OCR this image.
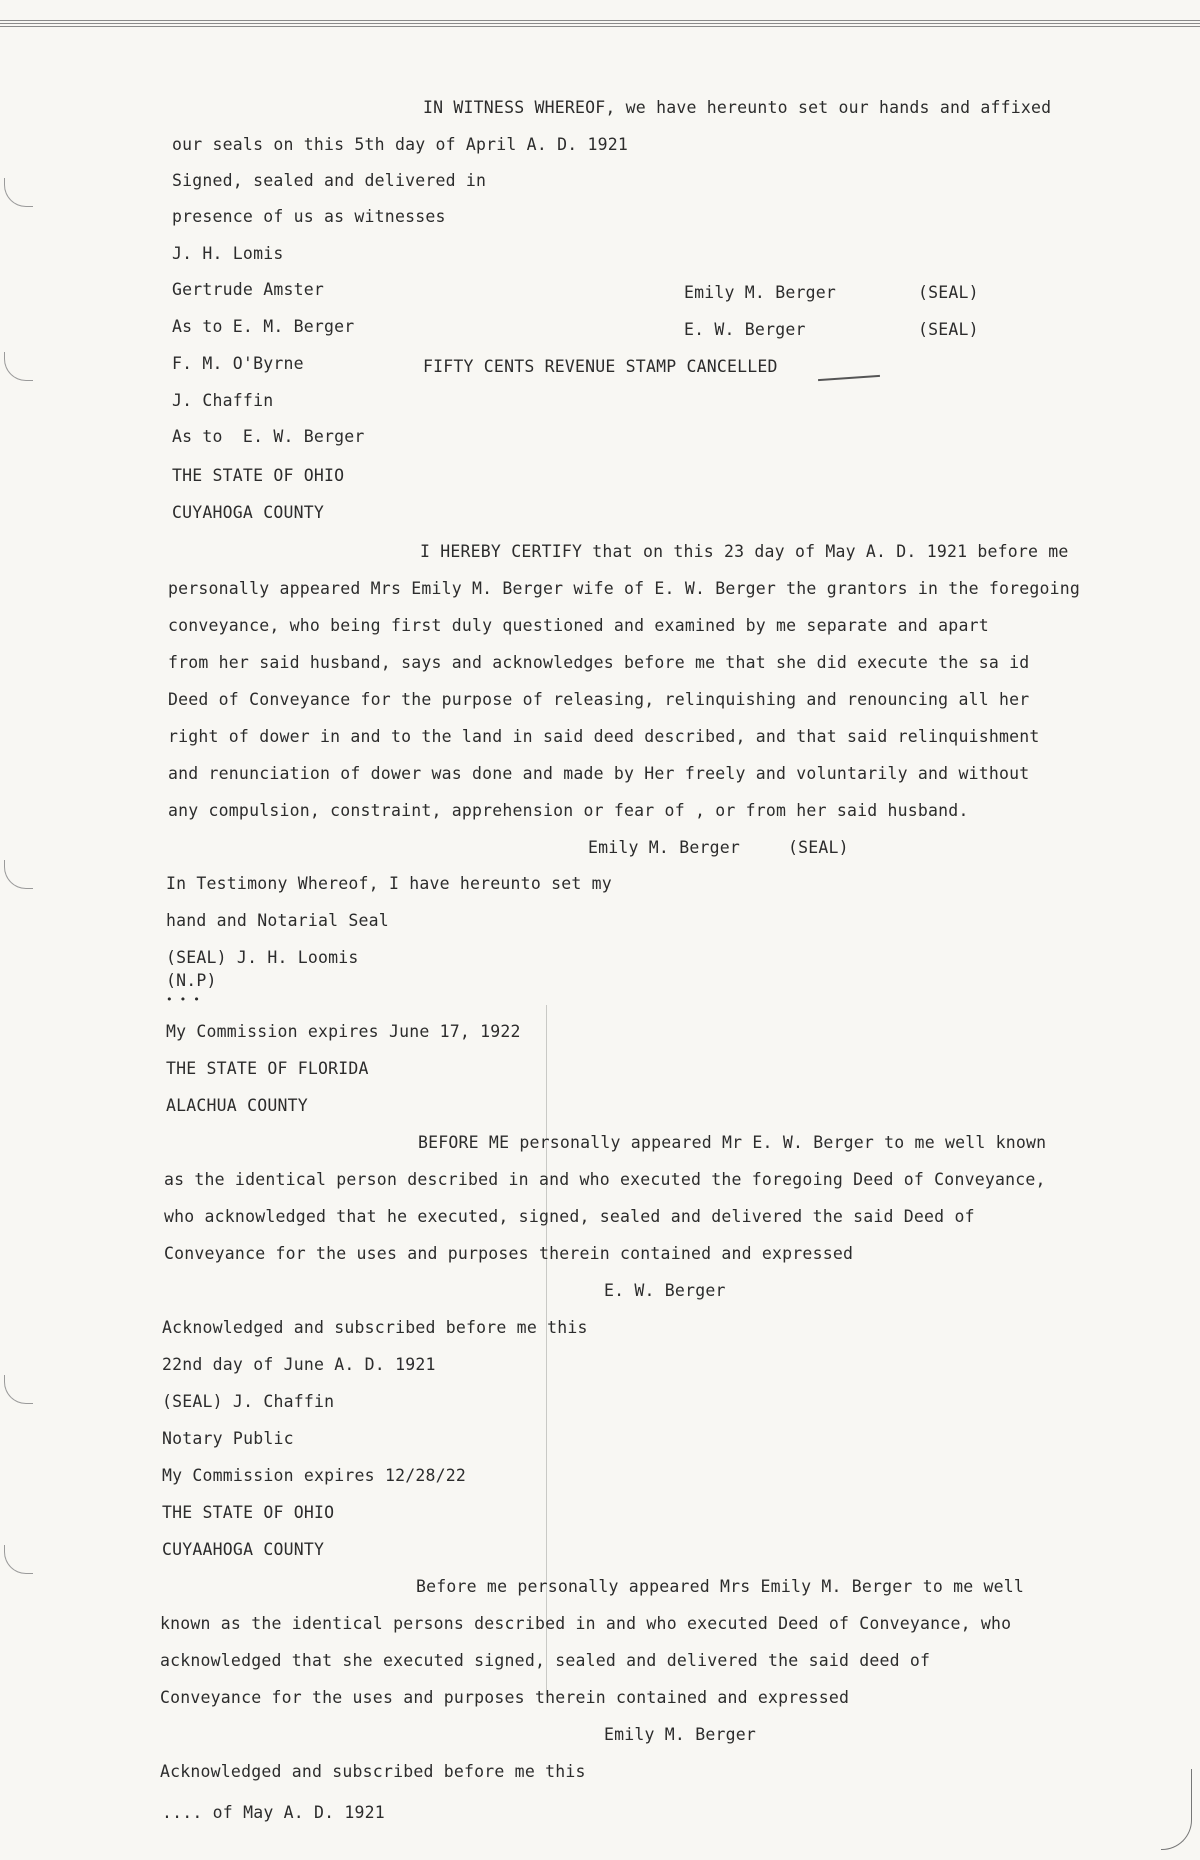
IN WITNESS WHEREOF, we have hereunto set our hands and affixed
our seals on this 5th day of April A. D. 1921
Signed, sealed and delivered in
presence of us as witnesses
J. H. Lomis
Gertrude Amster	Emily M. Berger	(SEAL)
As to E. M. Berger	E. W. Berger	(SEAL)
F. M. O'Byrne	FIFTY CENTS REVENUE STAMP CANCELLED
J. Chaffin
As to  E. W. Berger
THE STATE OF OHIO
CUYAHOGA COUNTY
I HEREBY CERTIFY that on this 23 day of May A. D. 1921 before me
personally appeared Mrs Emily M. Berger wife of E. W. Berger the grantors in the foregoing
conveyance, who being first duly questioned and examined by me separate and apart
from her said husband, says and acknowledges before me that she did execute the sa id
Deed of Conveyance for the purpose of releasing, relinquishing and renouncing all her
right of dower in and to the land in said deed described, and that said relinquishment
and renunciation of dower was done and made by Her freely and voluntarily and without
any compulsion, constraint, apprehension or fear of , or from her said husband.
Emily M. Berger	(SEAL)
In Testimony Whereof, I have hereunto set my
hand and Notarial Seal
(SEAL) J. H. Loomis
(N.P)
• • •
My Commission expires June 17, 1922
THE STATE OF FLORIDA
ALACHUA COUNTY
BEFORE ME personally appeared Mr E. W. Berger to me well known
as the identical person described in and who executed the foregoing Deed of Conveyance,
who acknowledged that he executed, signed, sealed and delivered the said Deed of
Conveyance for the uses and purposes therein contained and expressed
E. W. Berger
Acknowledged and subscribed before me this
22nd day of June A. D. 1921
(SEAL) J. Chaffin
Notary Public
My Commission expires 12/28/22
THE STATE OF OHIO
CUYAAHOGA COUNTY
Before me personally appeared Mrs Emily M. Berger to me well
known as the identical persons described in and who executed Deed of Conveyance, who
acknowledged that she executed signed, sealed and delivered the said deed of
Conveyance for the uses and purposes therein contained and expressed
Emily M. Berger
Acknowledged and subscribed before me this
.... of May A. D. 1921
